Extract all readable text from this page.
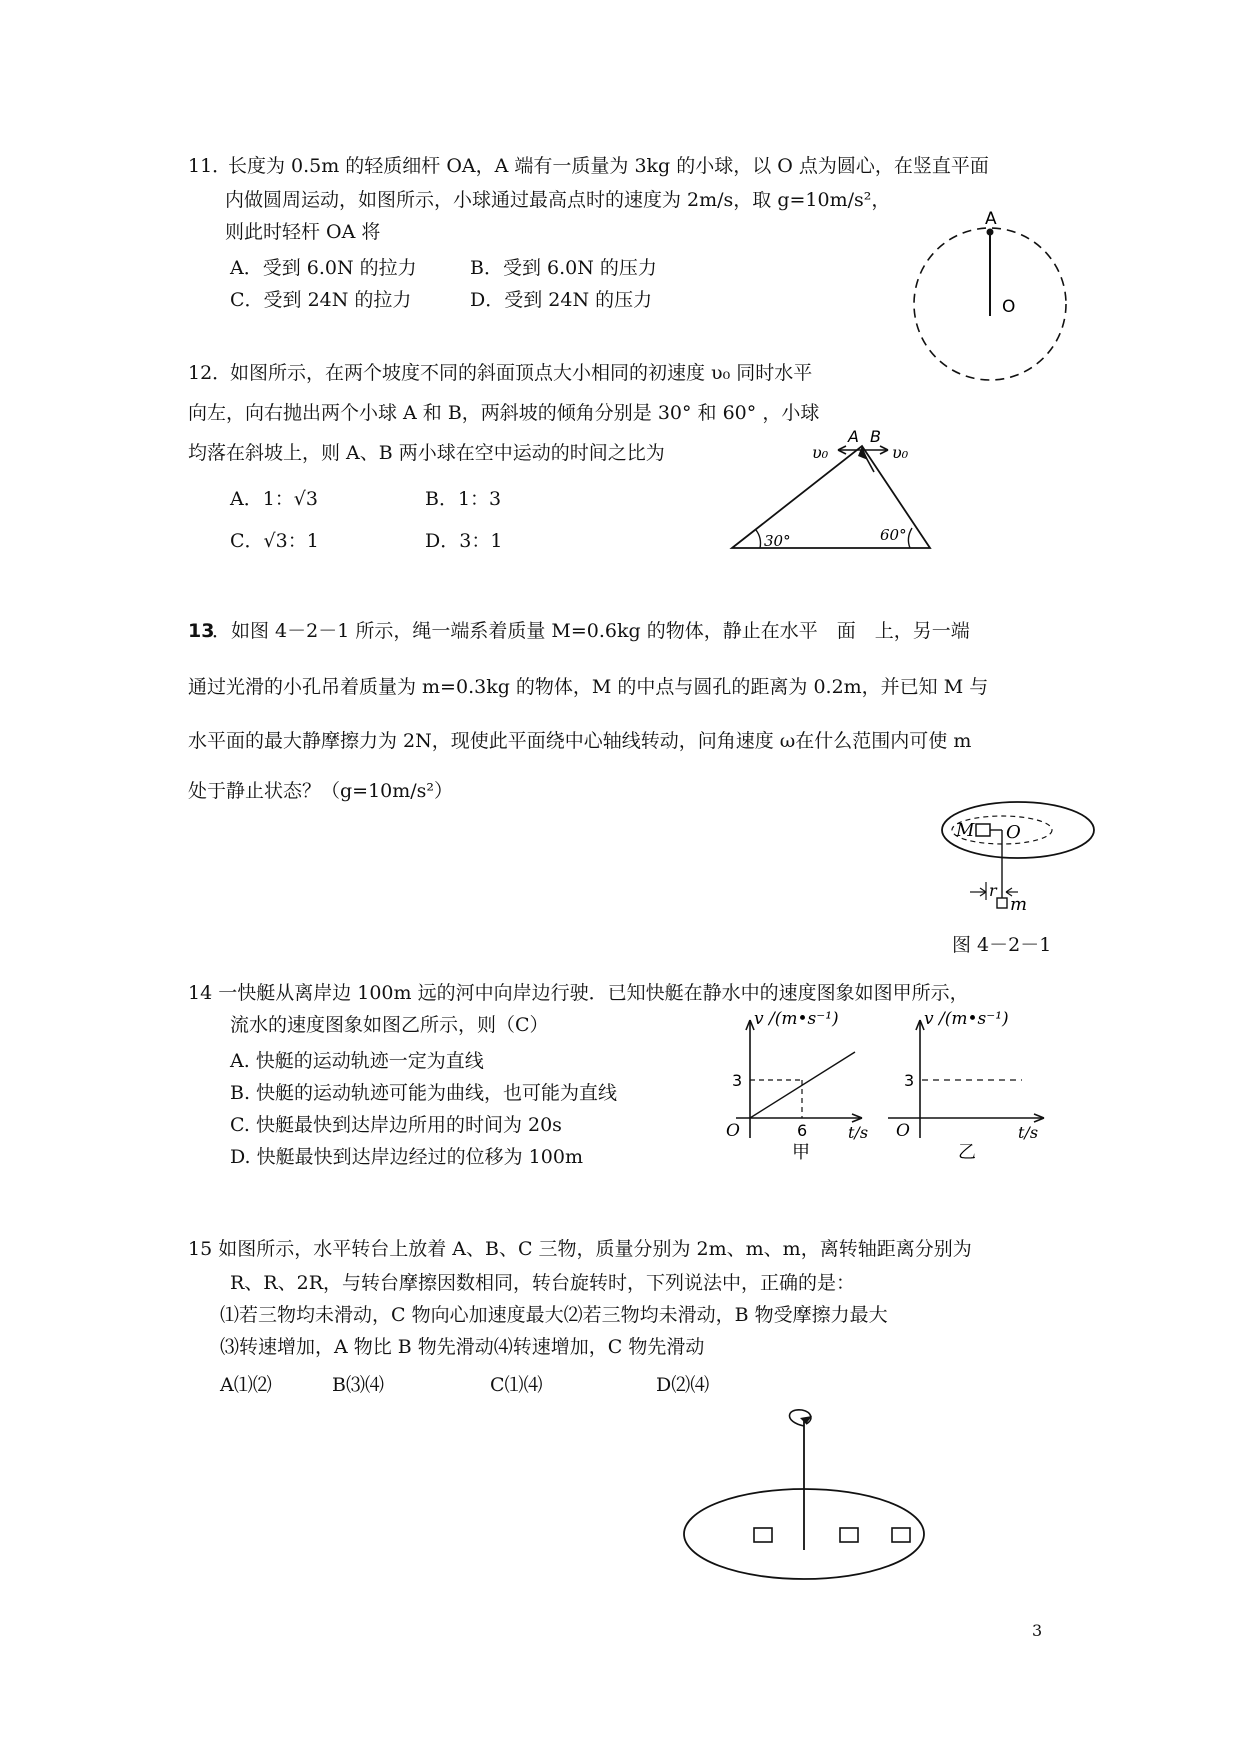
11．
长度为 0.5m 的轻质细杆 OA，A 端有一质量为 3kg 的小球，以 O 点为圆心，在竖直平面
内做圆周运动，如图所示，小球通过最高点时的速度为 2m/s，取 g=10m/s²，
则此时轻杆 OA 将
A．受到 6.0N 的拉力	B．受到 6.0N 的压力
C．受到 24N 的拉力	D．受到 24N 的压力
A
O
12．
如图所示，在两个坡度不同的斜面顶点大小相同的初速度 υ₀ 同时水平
向左，向右抛出两个小球 A 和 B，两斜坡的倾角分别是 30° 和 60° ，小球
均落在斜坡上，则 A、B 两小球在空中运动的时间之比为
A．1：√3	B．1：3
C．√3：1	D．3：1
A B
υ₀	υ₀
30°	60°
13
．如图 4－2－1 所示，绳一端系着质量 M=0.6kg 的物体，静止在水平　面　上，另一端
通过光滑的小孔吊着质量为 m=0.3kg 的物体，M 的中点与圆孔的距离为 0.2m，并已知 M 与
水平面的最大静摩擦力为 2N，现使此平面绕中心轴线转动，问角速度 ω在什么范围内可使 m
处于静止状态？（g=10m/s²）
M O
r
m
图 4－2－1
14 一快艇从离岸边 100m 远的河中向岸边行驶．已知快艇在静水中的速度图象如图甲所示，
流水的速度图象如图乙所示，则（C）
A. 快艇的运动轨迹一定为直线
B. 快艇的运动轨迹可能为曲线，也可能为直线
C. 快艇最快到达岸边所用的时间为 20s
D. 快艇最快到达岸边经过的位移为 100m
v /(m•s⁻¹)
t/s
O
3
6
甲
v /(m•s⁻¹)
t/s
O
3
乙
15 如图所示，水平转台上放着 A、B、C 三物，质量分别为 2m、m、m，离转轴距离分别为
R、R、2R，与转台摩擦因数相同，转台旋转时，下列说法中，正确的是：
⑴若三物均未滑动，C 物向心加速度最大⑵若三物均未滑动，B 物受摩擦力最大
⑶转速增加，A 物比 B 物先滑动⑷转速增加，C 物先滑动
A⑴⑵	B⑶⑷	C⑴⑷	D⑵⑷
3
